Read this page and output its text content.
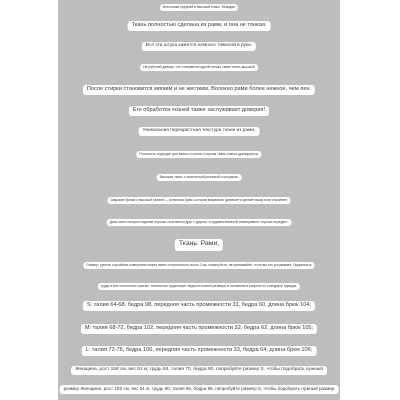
Источники средней и высокой класс, Южидан
Ткань полностью сделана из рами, и она не тонкая.
Вся эта штука кажется немного тяжелой в руке.
На рабочей девице, что становится одной только такие очень высокой
После стирки становится мягким и не жестким. Волокно рами более нежное, чем лен.
Его обработка тканей также заслуживает доверия!
Уникальная перекрестная текстура ткани из рами,
Плотность подходит для весны и осени, в целом ткань слегка драпируется.
Высокая ткань с эластичной резинкой и шнурком.
Широкие брюки с высокой талией — отличная брюк, которая визуально удлиняет и делает вашу ноги стройнее!
Дань шить которое изделие хорошо сочетается друг с другом, и художественный темперамент хорошо передан~
Ткань: Рами,
Размер: ручное случайное измерение может иметь погрешность около 2 см, пожалуйста, не принимайте, если вы это устраивает. Окружность
груди и все полностью сжатые, полностью существует недостаточные размеры в основном в разрезе по стандарту одежды.
S: талия 64-68, бедра 98, передняя часть промежности 31, бедра 60, длина брюк 104;
M: талия 68-72, бедра 102, передняя часть промежности 32, бедра 62, длина брюк 105;
L: талия 72-76, бедра 106, передняя часть промежности 33, бедра 64, длина брюк 106;
Женщина, рост 158 см, вес 51 кг, грудь 84, талия 70, бедра 90, попробуйте размер S, чтобы подобрать нужный
размер Женщина, рост 165 см, вес 61 кг, грудь 80, талия 66, бедра 96, попробуйте размер S, чтобы подобрать нужный размер
